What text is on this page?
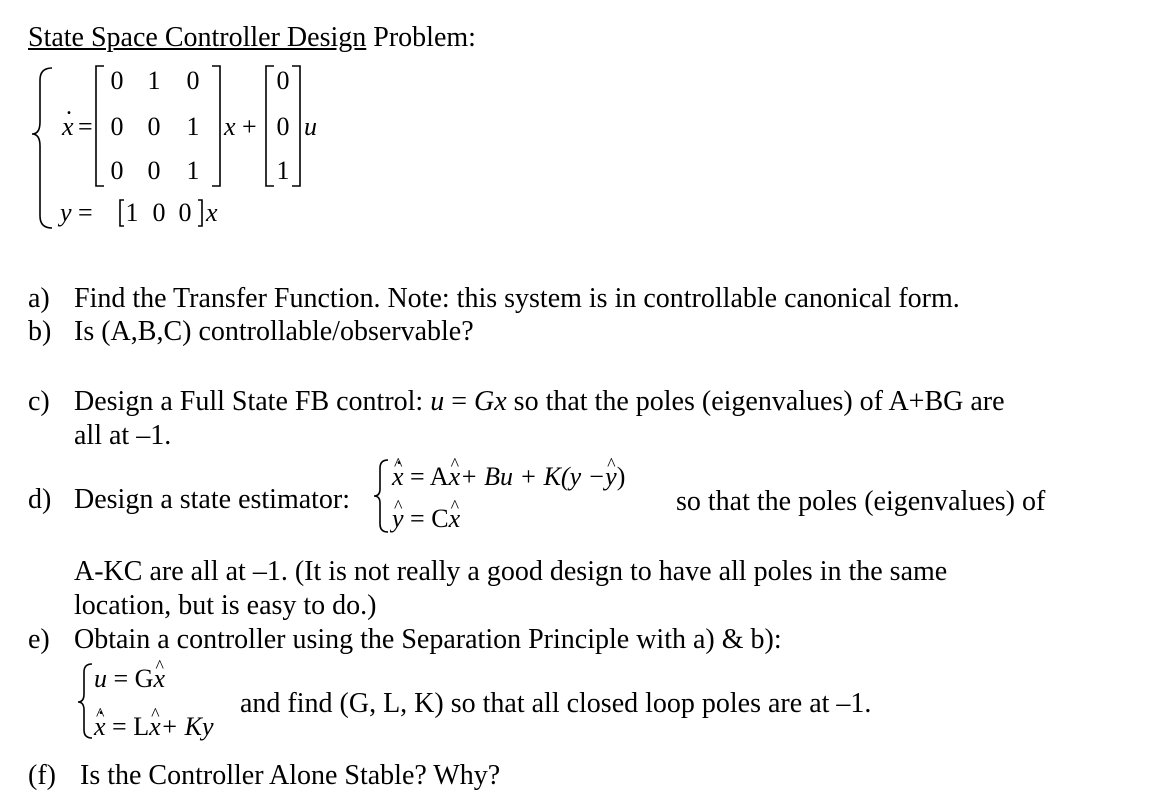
State Space Controller Design Problem:
. x =
0 1 0
0 0 1
0 0 1
x +
0
0
1
u
y = 1 0 0 x
a) Find the Transfer Function. Note: this system is in controllable canonical form.
b) Is (A,B,C) controllable/observable?
c) Design a Full State FB control: u = Gx so that the poles (eigenvalues) of A+BG are
all at –1.
d) Design a state estimator:
. x ^ = Ax ^+ Bu + K(y −y ^)
y ^ = Cx ^
so that the poles (eigenvalues) of
A-KC are all at –1. (It is not really a good design to have all poles in the same
location, but is easy to do.)
e) Obtain a controller using the Separation Principle with a) & b):
u = Gx ^
. x ^ = Lx ^+ Ky
and find (G, L, K) so that all closed loop poles are at –1.
(f) Is the Controller Alone Stable? Why?
